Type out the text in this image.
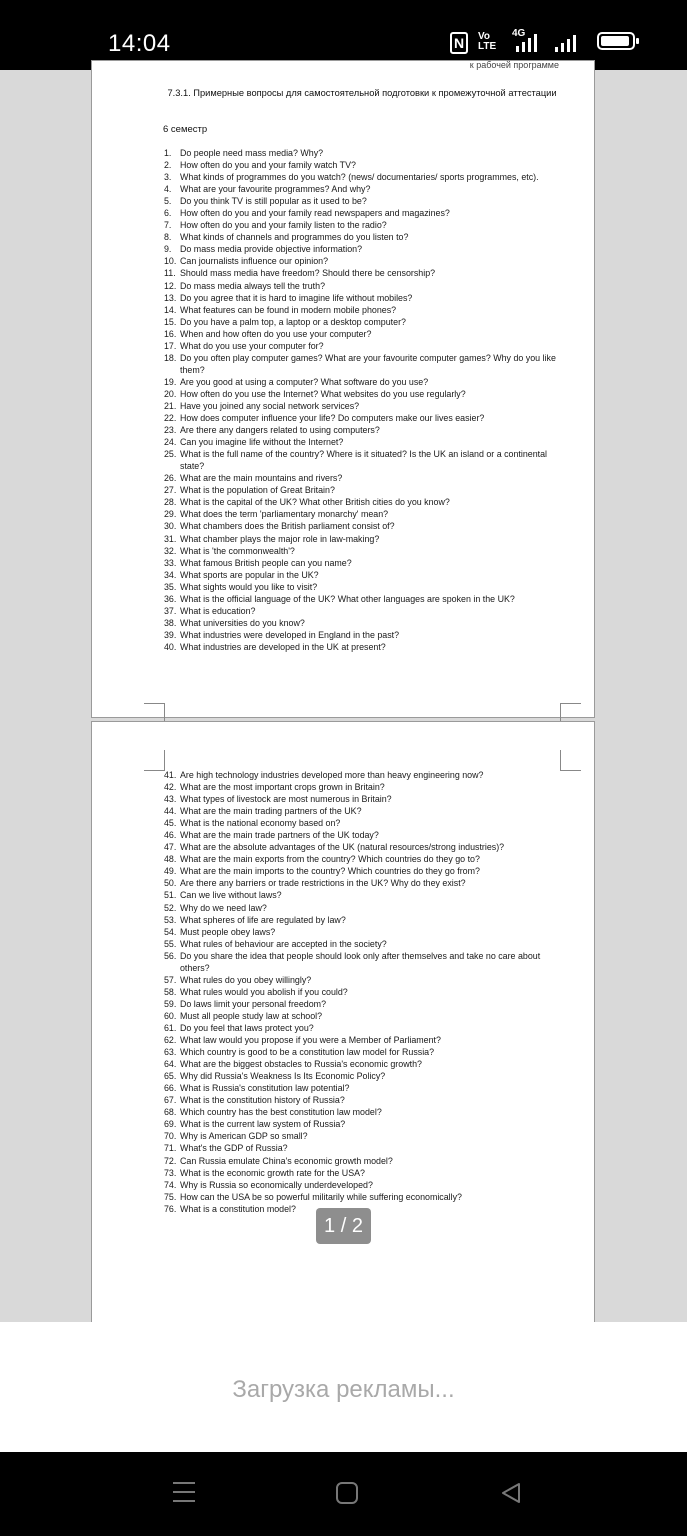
14:04	N	Vo LTE
4G
к рабочей программе
7.3.1. Примерные вопросы для самостоятельной подготовки к промежуточной аттестации
6 семестр
1. Do people need mass media? Why?
2. How often do you and your family watch TV?
3. What kinds of programmes do you watch? (news/ documentaries/ sports programmes, etc).
4. What are your favourite programmes? And why?
5. Do you think TV is still popular as it used to be?
6. How often do you and your family read newspapers and magazines?
7. How often do you and your family listen to the radio?
8. What kinds of channels and programmes do you listen to?
9. Do mass media provide objective information?
10. Can journalists influence our opinion?
11. Should mass media have freedom? Should there be censorship?
12. Do mass media always tell the truth?
13. Do you agree that it is hard to imagine life without mobiles?
14. What features can be found in modern mobile phones?
15. Do you have a palm top, a laptop or a desktop computer?
16. When and how often do you use your computer?
17. What do you use your computer for?
18. Do you often play computer games? What are your favourite computer games? Why do you like them?
19. Are you good at using a computer? What software do you use?
20. How often do you use the Internet? What websites do you use regularly?
21. Have you joined any social network services?
22. How does computer influence your life? Do computers make our lives easier?
23. Are there any dangers related to using computers?
24. Can you imagine life without the Internet?
25. What is the full name of the country? Where is it situated? Is the UK an island or a continental state?
26. What are the main mountains and rivers?
27. What is the population of Great Britain?
28. What is the capital of the UK? What other British cities do you know?
29. What does the term 'parliamentary monarchy' mean?
30. What chambers does the British parliament consist of?
31. What chamber plays the major role in law-making?
32. What is 'the commonwealth'?
33. What famous British people can you name?
34. What sports are popular in the UK?
35. What sights would you like to visit?
36. What is the official language of the UK? What other languages are spoken in the UK?
37. What is education?
38. What universities do you know?
39. What industries were developed in England in the past?
40. What industries are developed in the UK at present?
41. Are high technology industries developed more than heavy engineering now?
42. What are the most important crops grown in Britain?
43. What types of livestock are most numerous in Britain?
44. What are the main trading partners of the UK?
45. What is the national economy based on?
46. What are the main trade partners of the UK today?
47. What are the absolute advantages of the UK (natural resources/strong industries)?
48. What are the main exports from the country? Which countries do they go to?
49. What are the main imports to the country? Which countries do they go from?
50. Are there any barriers or trade restrictions in the UK? Why do they exist?
51. Can we live without laws?
52. Why do we need law?
53. What spheres of life are regulated by law?
54. Must people obey laws?
55. What rules of behaviour are accepted in the society?
56. Do you share the idea that people should look only after themselves and take no care about others?
57. What rules do you obey willingly?
58. What rules would you abolish if you could?
59. Do laws limit your personal freedom?
60. Must all people study law at school?
61. Do you feel that laws protect you?
62. What law would you propose if you were a Member of Parliament?
63. Which country is good to be a constitution law model for Russia?
64. What are the biggest obstacles to Russia's economic growth?
65. Why did Russia's Weakness Is Its Economic Policy?
66. What is Russia's constitution law potential?
67. What is the constitution history of Russia?
68. Which country has the best constitution law model?
69. What is the current law system of Russia?
70. Why is American GDP so small?
71. What's the GDP of Russia?
72. Can Russia emulate China's economic growth model?
73. What is the economic growth rate for the USA?
74. Why is Russia so economically underdeveloped?
75. How can the USA be so powerful militarily while suffering economically?
76. What is a constitution model?
1 / 2
Загрузка рекламы...
